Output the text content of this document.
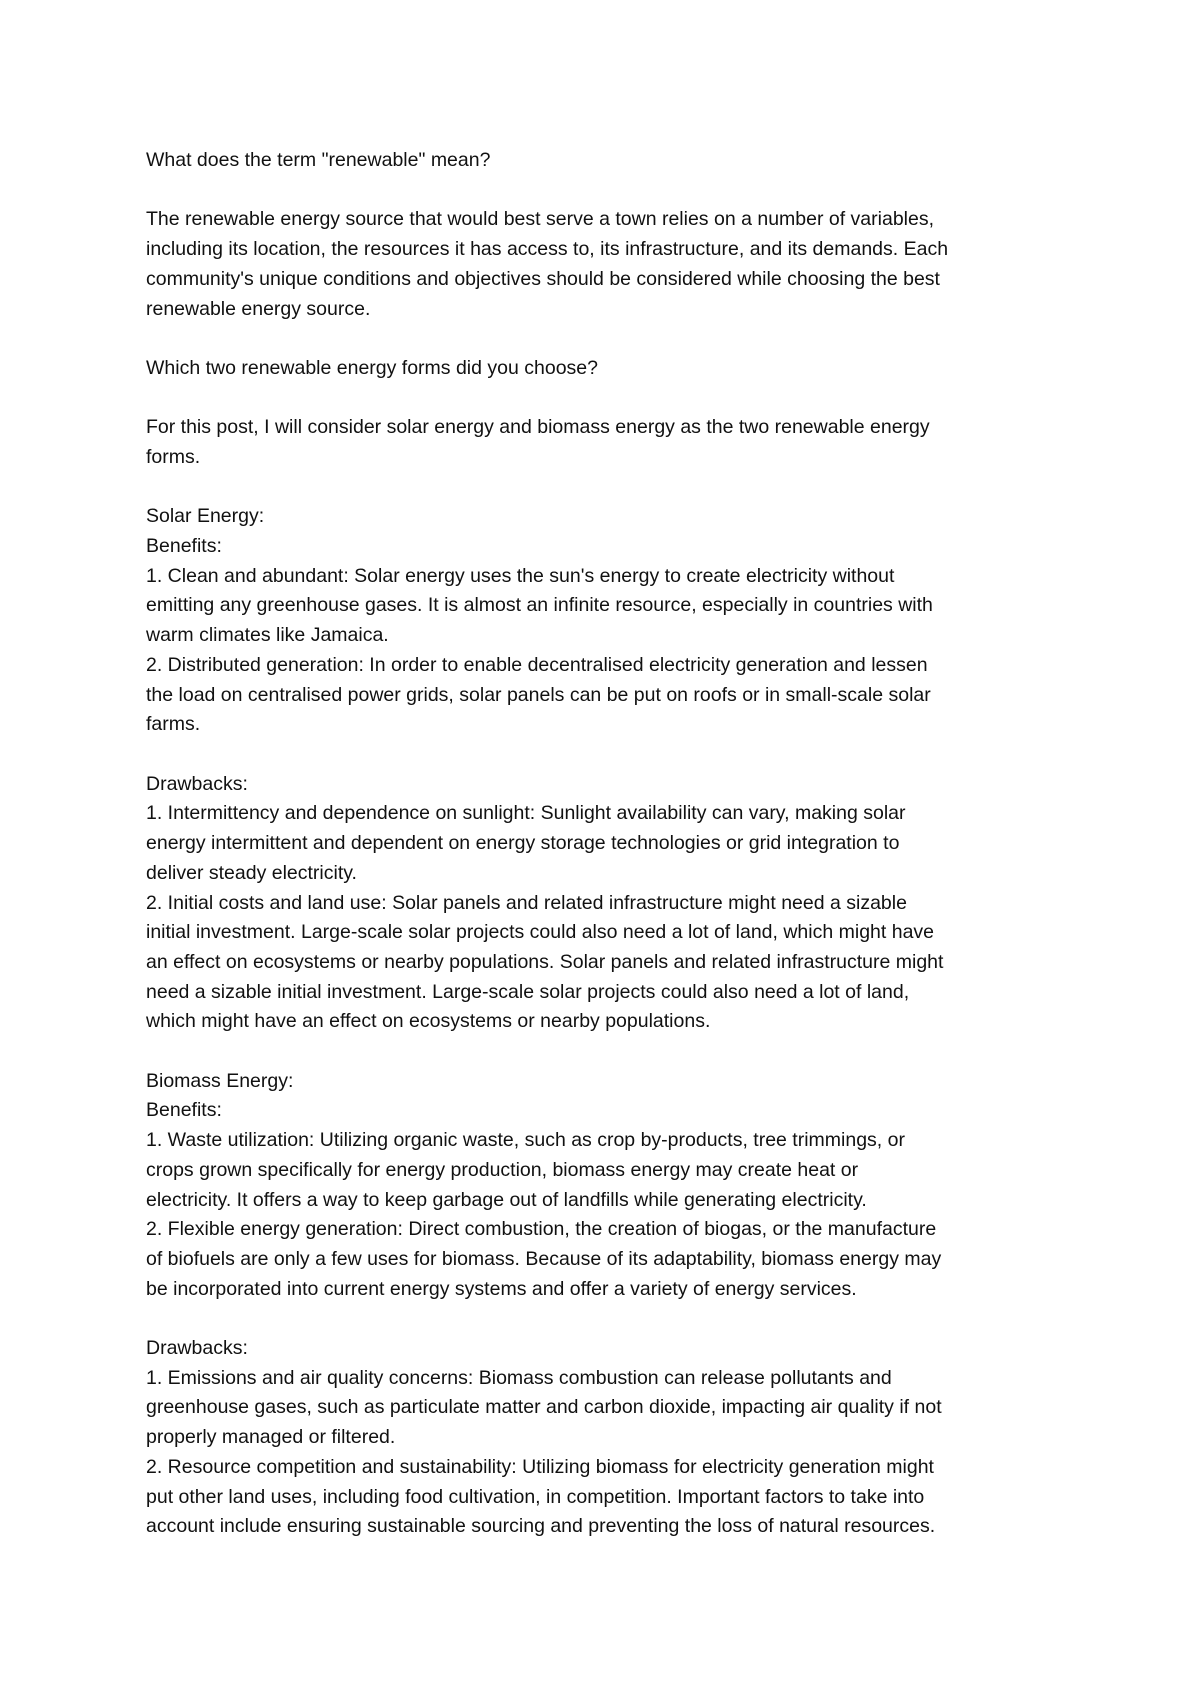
What does the term "renewable" mean?

The renewable energy source that would best serve a town relies on a number of variables,

including its location, the resources it has access to, its infrastructure, and its demands. Each

community's unique conditions and objectives should be considered while choosing the best

renewable energy source.

Which two renewable energy forms did you choose?

For this post, I will consider solar energy and biomass energy as the two renewable energy

forms.

Solar Energy:

Benefits:

1. Clean and abundant: Solar energy uses the sun's energy to create electricity without

emitting any greenhouse gases. It is almost an infinite resource, especially in countries with

warm climates like Jamaica.

2. Distributed generation: In order to enable decentralised electricity generation and lessen

the load on centralised power grids, solar panels can be put on roofs or in small-scale solar

farms.

Drawbacks:

1. Intermittency and dependence on sunlight: Sunlight availability can vary, making solar

energy intermittent and dependent on energy storage technologies or grid integration to

deliver steady electricity.

2. Initial costs and land use: Solar panels and related infrastructure might need a sizable

initial investment. Large-scale solar projects could also need a lot of land, which might have

an effect on ecosystems or nearby populations. Solar panels and related infrastructure might

need a sizable initial investment. Large-scale solar projects could also need a lot of land,

which might have an effect on ecosystems or nearby populations.

Biomass Energy:

Benefits:

1. Waste utilization: Utilizing organic waste, such as crop by-products, tree trimmings, or

crops grown specifically for energy production, biomass energy may create heat or

electricity. It offers a way to keep garbage out of landfills while generating electricity.

2. Flexible energy generation: Direct combustion, the creation of biogas, or the manufacture

of biofuels are only a few uses for biomass. Because of its adaptability, biomass energy may

be incorporated into current energy systems and offer a variety of energy services.

Drawbacks:

1. Emissions and air quality concerns: Biomass combustion can release pollutants and

greenhouse gases, such as particulate matter and carbon dioxide, impacting air quality if not

properly managed or filtered.

2. Resource competition and sustainability: Utilizing biomass for electricity generation might

put other land uses, including food cultivation, in competition. Important factors to take into

account include ensuring sustainable sourcing and preventing the loss of natural resources.
